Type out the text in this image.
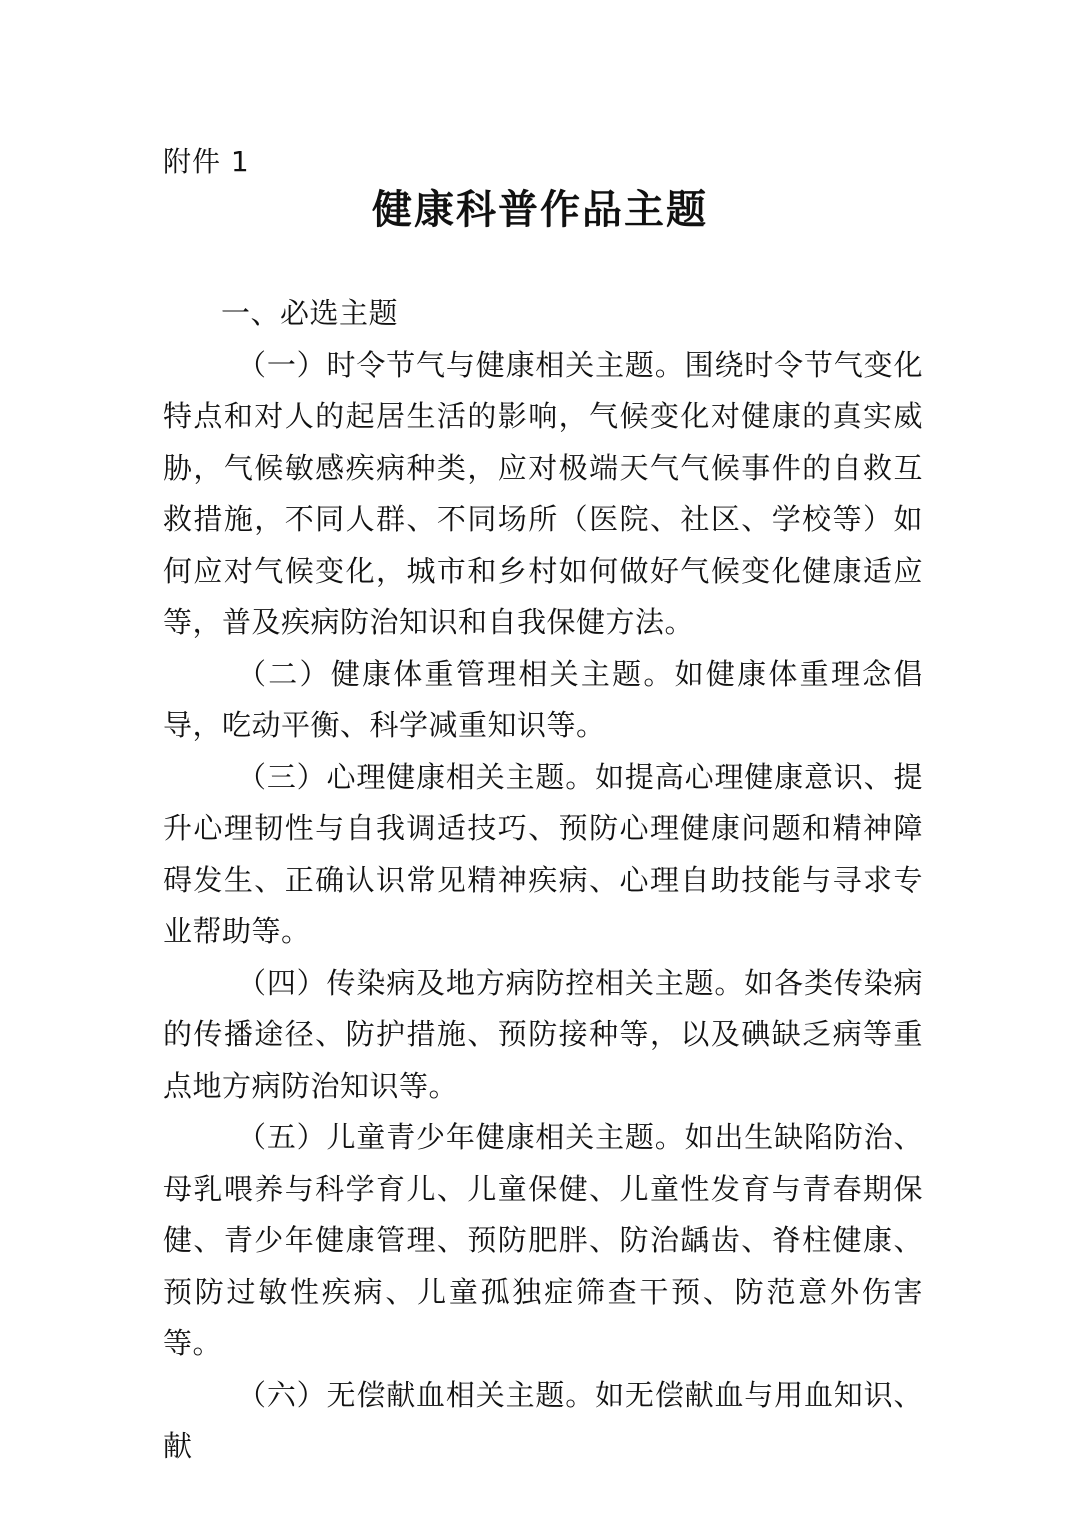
附件 1
健康科普作品主题

一、必选主题

（一）时令节气与健康相关主题。围绕时令节气变化特点和对人的起居生活的影响，气候变化对健康的真实威胁，气候敏感疾病种类，应对极端天气气候事件的自救互救措施，不同人群、不同场所（医院、社区、学校等）如何应对气候变化，城市和乡村如何做好气候变化健康适应等，普及疾病防治知识和自我保健方法。

（二）健康体重管理相关主题。如健康体重理念倡导，吃动平衡、科学减重知识等。

（三）心理健康相关主题。如提高心理健康意识、提升心理韧性与自我调适技巧、预防心理健康问题和精神障碍发生、正确认识常见精神疾病、心理自助技能与寻求专业帮助等。

（四）传染病及地方病防控相关主题。如各类传染病的传播途径、防护措施、预防接种等，以及碘缺乏病等重点地方病防治知识等。

（五）儿童青少年健康相关主题。如出生缺陷防治、母乳喂养与科学育儿、儿童保健、儿童性发育与青春期保健、青少年健康管理、预防肥胖、防治龋齿、脊柱健康、预防过敏性疾病、儿童孤独症筛查干预、防范意外伤害等。

（六）无偿献血相关主题。如无偿献血与用血知识、献
